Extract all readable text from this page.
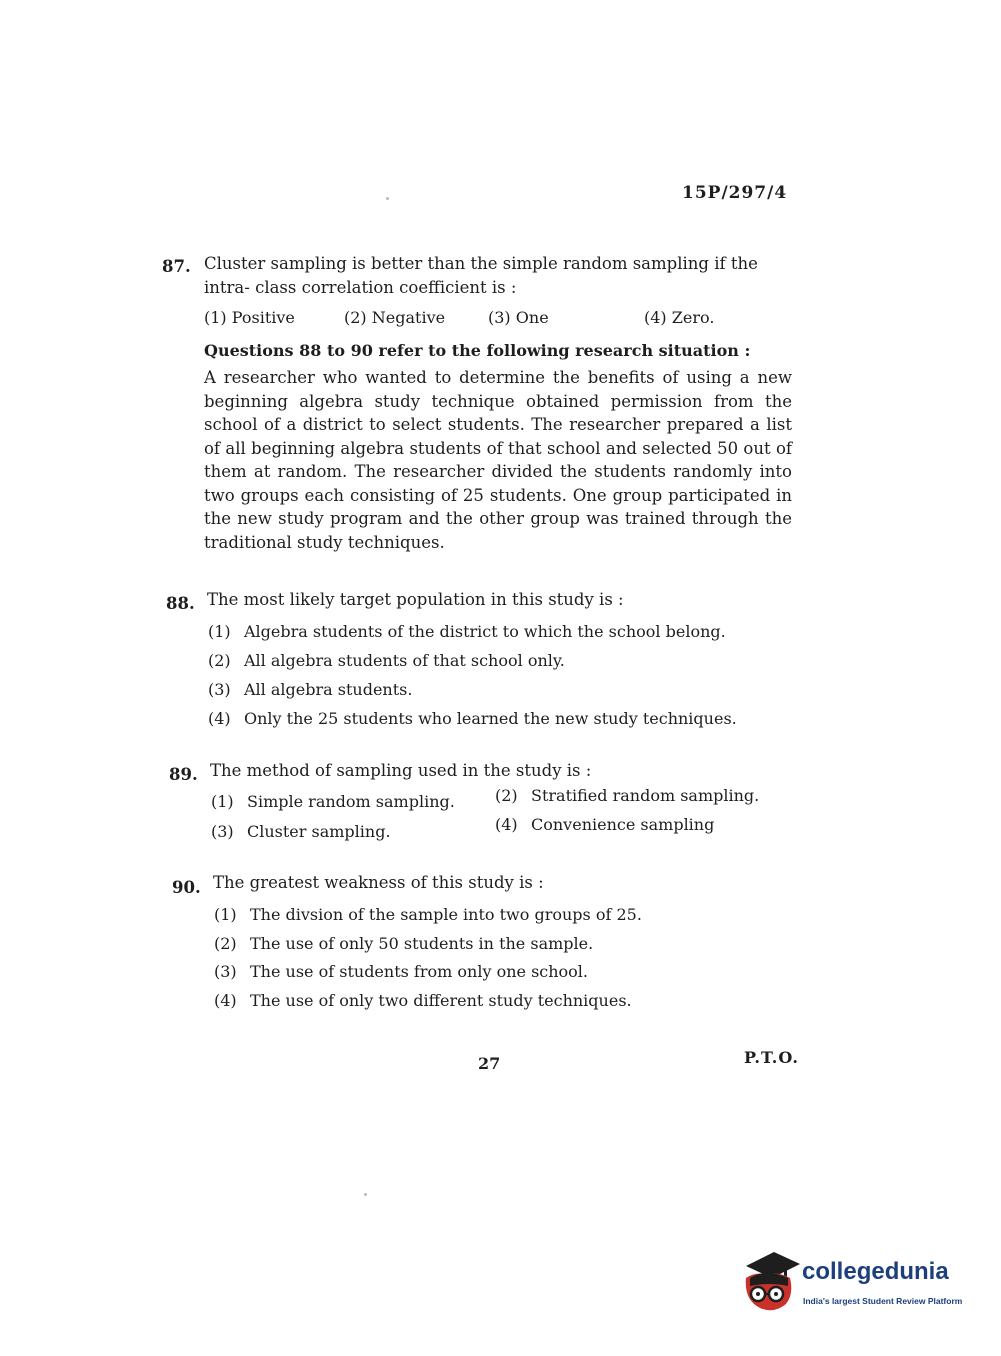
15P/297/4
87. Cluster sampling is better than the simple random sampling if the
intra- class correlation coefficient is :
(1) Positive	(2) Negative	(3) One	(4) Zero.
Questions 88 to 90 refer to the following research situation :
A researcher who wanted to determine the benefits of using a new beginning algebra study technique obtained permission from the school of a district to select students. The researcher prepared a list of all beginning algebra students of that school and selected 50 out of them at random. The researcher divided the students randomly into two groups each consisting of 25 students. One group participated in the new study program and the other group was trained through the traditional study techniques.
88. The most likely target population in this study is :
(1) Algebra students of the district to which the school belong.
(2) All algebra students of that school only.
(3) All algebra students.
(4) Only the 25 students who learned the new study techniques.
89. The method of sampling used in the study is :
(1) Simple random sampling.	(2) Stratified random sampling.
(3) Cluster sampling.	(4) Convenience sampling
90. The greatest weakness of this study is :
(1) The divsion of the sample into two groups of 25.
(2) The use of only 50 students in the sample.
(3) The use of students from only one school.
(4) The use of only two different study techniques.
27	P.T.O.
collegedunia
India's largest Student Review Platform
